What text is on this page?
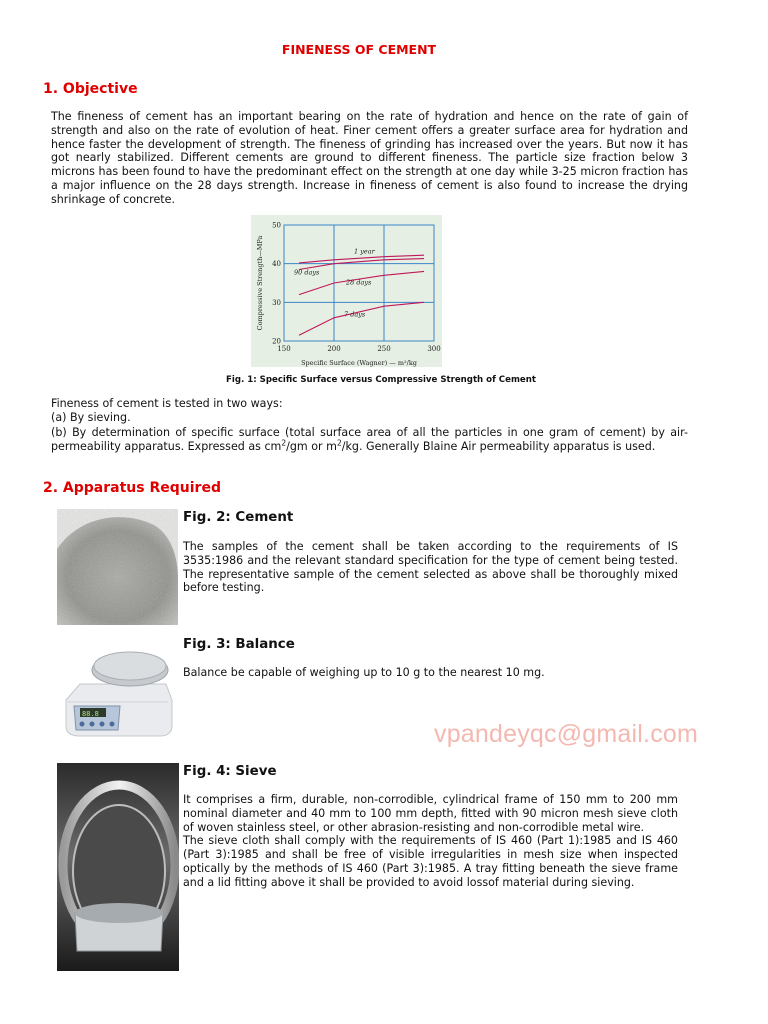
FINENESS OF CEMENT
1. Objective
The fineness of cement has an important bearing on the rate of hydration and hence on the rate of gain of strength and also on the rate of evolution of heat. Finer cement offers a greater surface area for hydration and hence faster the development of strength. The fineness of grinding has increased over the years. But now it has got nearly stabilized. Different cements are ground to different fineness. The particle size fraction below 3 microns has been found to have the predominant effect on the strength at one day while 3-25 micron fraction has a major influence on the 28 days strength. Increase in fineness of cement is also found to increase the drying shrinkage of concrete.
150	200	250	300
20
30
40
50
1 year
90 days
28 days
7 days
Specific Surface (Wagner) — m²/kg
Compressive Strength—MPa
Fig. 1: Specific Surface versus Compressive Strength of Cement
Fineness of cement is tested in two ways:
(a) By sieving.
(b) By determination of specific surface (total surface area of all the particles in one gram of cement) by air-permeability apparatus. Expressed as $cm^2/gm$ or $m^2/kg$. Generally Blaine Air permeability apparatus is used.
2. Apparatus Required
Fig. 2: Cement
The samples of the cement shall be taken according to the requirements of IS 3535:1986 and the relevant standard specification for the type of cement being tested. The representative sample of the cement selected as above shall be thoroughly mixed before testing.
88.8
Fig. 3: Balance
Balance be capable of weighing up to 10 g to the nearest 10 mg.
vpandeyqc@gmail.com
Fig. 4: Sieve
It comprises a firm, durable, non-corrodible, cylindrical frame of 150 mm to 200 mm nominal diameter and 40 mm to 100 mm depth, fitted with 90 micron mesh sieve cloth of woven stainless steel, or other abrasion-resisting and non-corrodible metal wire.
The sieve cloth shall comply with the requirements of IS 460 (Part 1):1985 and IS 460 (Part 3):1985 and shall be free of visible irregularities in mesh size when inspected optically by the methods of IS 460 (Part 3):1985. A tray fitting beneath the sieve frame and a lid fitting above it shall be provided to avoid lossof material during sieving.
